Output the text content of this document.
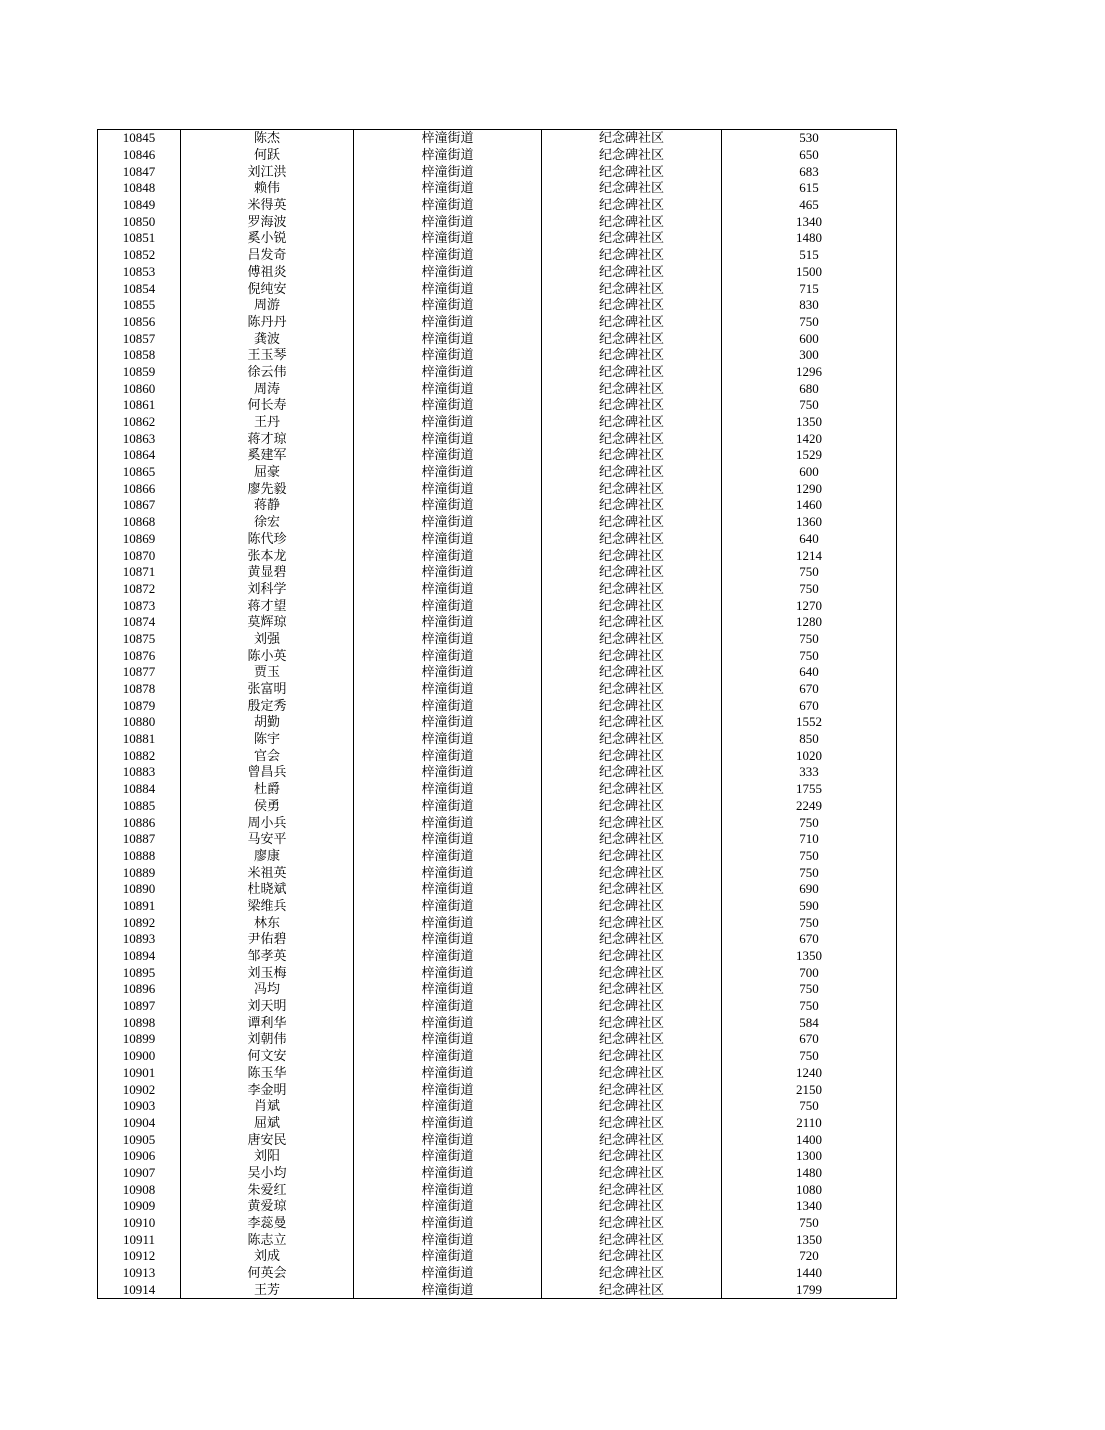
10845	陈杰	梓潼街道	纪念碑社区	530
10846	何跃	梓潼街道	纪念碑社区	650
10847	刘江洪	梓潼街道	纪念碑社区	683
10848	赖伟	梓潼街道	纪念碑社区	615
10849	米得英	梓潼街道	纪念碑社区	465
10850	罗海波	梓潼街道	纪念碑社区	1340
10851	奚小锐	梓潼街道	纪念碑社区	1480
10852	吕发奇	梓潼街道	纪念碑社区	515
10853	傅祖炎	梓潼街道	纪念碑社区	1500
10854	倪纯安	梓潼街道	纪念碑社区	715
10855	周游	梓潼街道	纪念碑社区	830
10856	陈丹丹	梓潼街道	纪念碑社区	750
10857	龚波	梓潼街道	纪念碑社区	600
10858	王玉琴	梓潼街道	纪念碑社区	300
10859	徐云伟	梓潼街道	纪念碑社区	1296
10860	周涛	梓潼街道	纪念碑社区	680
10861	何长寿	梓潼街道	纪念碑社区	750
10862	王丹	梓潼街道	纪念碑社区	1350
10863	蒋才琼	梓潼街道	纪念碑社区	1420
10864	奚建军	梓潼街道	纪念碑社区	1529
10865	屈豪	梓潼街道	纪念碑社区	600
10866	廖先毅	梓潼街道	纪念碑社区	1290
10867	蒋静	梓潼街道	纪念碑社区	1460
10868	徐宏	梓潼街道	纪念碑社区	1360
10869	陈代珍	梓潼街道	纪念碑社区	640
10870	张本龙	梓潼街道	纪念碑社区	1214
10871	黄显碧	梓潼街道	纪念碑社区	750
10872	刘科学	梓潼街道	纪念碑社区	750
10873	蒋才望	梓潼街道	纪念碑社区	1270
10874	莫辉琼	梓潼街道	纪念碑社区	1280
10875	刘强	梓潼街道	纪念碑社区	750
10876	陈小英	梓潼街道	纪念碑社区	750
10877	贾玉	梓潼街道	纪念碑社区	640
10878	张富明	梓潼街道	纪念碑社区	670
10879	殷定秀	梓潼街道	纪念碑社区	670
10880	胡勤	梓潼街道	纪念碑社区	1552
10881	陈宇	梓潼街道	纪念碑社区	850
10882	官会	梓潼街道	纪念碑社区	1020
10883	曾昌兵	梓潼街道	纪念碑社区	333
10884	杜爵	梓潼街道	纪念碑社区	1755
10885	侯勇	梓潼街道	纪念碑社区	2249
10886	周小兵	梓潼街道	纪念碑社区	750
10887	马安平	梓潼街道	纪念碑社区	710
10888	廖康	梓潼街道	纪念碑社区	750
10889	米祖英	梓潼街道	纪念碑社区	750
10890	杜晓斌	梓潼街道	纪念碑社区	690
10891	梁维兵	梓潼街道	纪念碑社区	590
10892	林东	梓潼街道	纪念碑社区	750
10893	尹佑碧	梓潼街道	纪念碑社区	670
10894	邹孝英	梓潼街道	纪念碑社区	1350
10895	刘玉梅	梓潼街道	纪念碑社区	700
10896	冯均	梓潼街道	纪念碑社区	750
10897	刘天明	梓潼街道	纪念碑社区	750
10898	谭利华	梓潼街道	纪念碑社区	584
10899	刘朝伟	梓潼街道	纪念碑社区	670
10900	何文安	梓潼街道	纪念碑社区	750
10901	陈玉华	梓潼街道	纪念碑社区	1240
10902	李金明	梓潼街道	纪念碑社区	2150
10903	肖斌	梓潼街道	纪念碑社区	750
10904	屈斌	梓潼街道	纪念碑社区	2110
10905	唐安民	梓潼街道	纪念碑社区	1400
10906	刘阳	梓潼街道	纪念碑社区	1300
10907	吴小均	梓潼街道	纪念碑社区	1480
10908	朱爱红	梓潼街道	纪念碑社区	1080
10909	黄爱琼	梓潼街道	纪念碑社区	1340
10910	李蕊曼	梓潼街道	纪念碑社区	750
10911	陈志立	梓潼街道	纪念碑社区	1350
10912	刘成	梓潼街道	纪念碑社区	720
10913	何英会	梓潼街道	纪念碑社区	1440
10914	王芳	梓潼街道	纪念碑社区	1799
